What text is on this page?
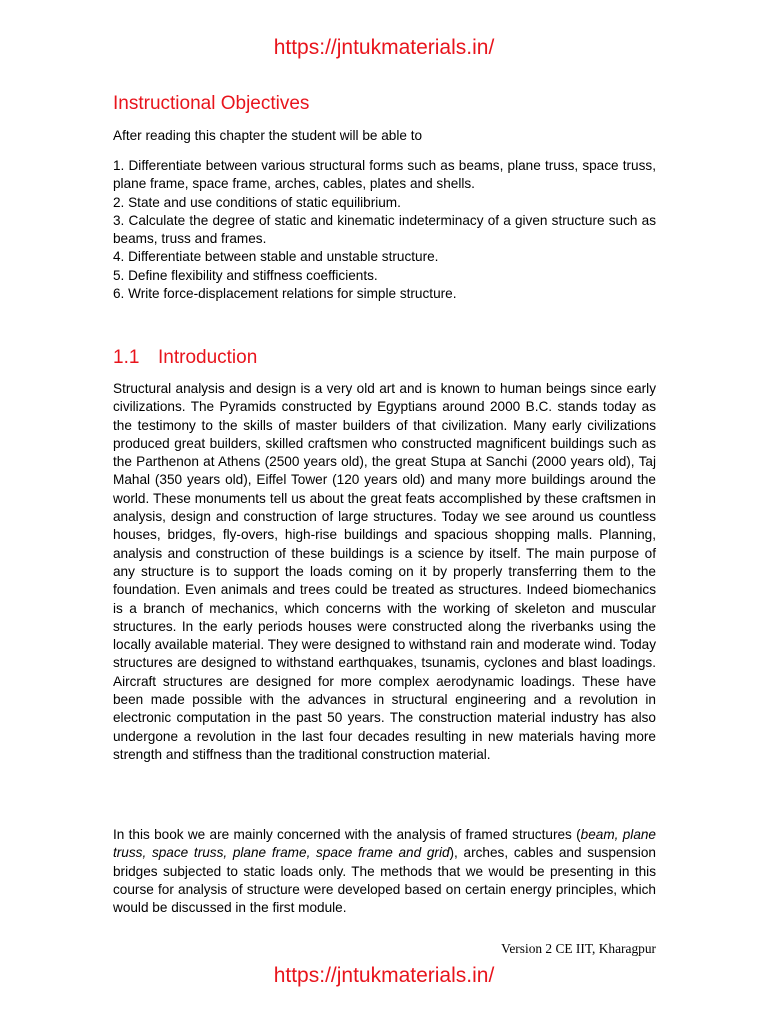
https://jntukmaterials.in/
Instructional Objectives

After reading this chapter the student will be able to

1. Differentiate between various structural forms such as beams, plane truss, space truss, plane frame, space frame, arches, cables, plates and shells.
2. State and use conditions of static equilibrium.
3. Calculate the degree of static and kinematic indeterminacy of a given structure such as beams, truss and frames.
4. Differentiate between stable and unstable structure.
5. Define flexibility and stiffness coefficients.
6. Write force-displacement relations for simple structure.
1.1 Introduction

Structural analysis and design is a very old art and is known to human beings since early civilizations. The Pyramids constructed by Egyptians around 2000 B.C. stands today as the testimony to the skills of master builders of that civilization. Many early civilizations produced great builders, skilled craftsmen who constructed magnificent buildings such as the Parthenon at Athens (2500 years old), the great Stupa at Sanchi (2000 years old), Taj Mahal (350 years old), Eiffel Tower (120 years old) and many more buildings around the world. These monuments tell us about the great feats accomplished by these craftsmen in analysis, design and construction of large structures. Today we see around us countless houses, bridges, fly-overs, high-rise buildings and spacious shopping malls. Planning, analysis and construction of these buildings is a science by itself. The main purpose of any structure is to support the loads coming on it by properly transferring them to the foundation. Even animals and trees could be treated as structures. Indeed biomechanics is a branch of mechanics, which concerns with the working of skeleton and muscular structures. In the early periods houses were constructed along the riverbanks using the locally available material. They were designed to withstand rain and moderate wind. Today structures are designed to withstand earthquakes, tsunamis, cyclones and blast loadings. Aircraft structures are designed for more complex aerodynamic loadings. These have been made possible with the advances in structural engineering and a revolution in electronic computation in the past 50 years. The construction material industry has also undergone a revolution in the last four decades resulting in new materials having more strength and stiffness than the traditional construction material.

In this book we are mainly concerned with the analysis of framed structures (beam, plane truss, space truss, plane frame, space frame and grid), arches, cables and suspension bridges subjected to static loads only. The methods that we would be presenting in this course for analysis of structure were developed based on certain energy principles, which would be discussed in the first module.

Version 2 CE IIT, Kharagpur
https://jntukmaterials.in/
